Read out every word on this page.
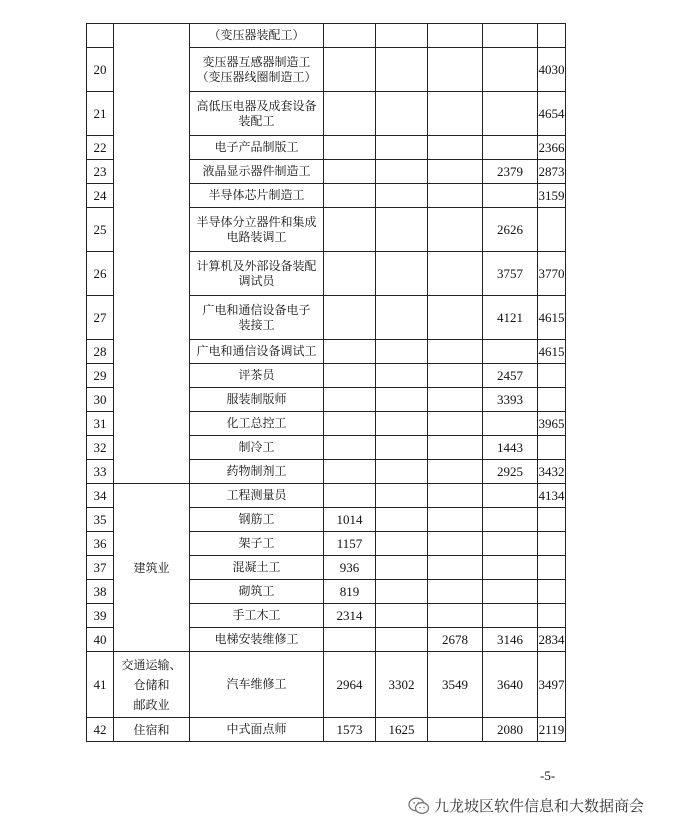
		（变压器装配工）						
20		变压器互感器制造工
（变压器线圈制造工）					4030	
21		高低压电器及成套设备
装配工					4654	
22		电子产品制版工					2366	
23		液晶显示器件制造工				2379	2873	
24		半导体芯片制造工					3159	
25		半导体分立器件和集成
电路装调工				2626		
26		计算机及外部设备装配
调试员				3757	3770	
27		广电和通信设备电子
装接工				4121	4615	
28		广电和通信设备调试工					4615	
29		评茶员				2457		
30		服装制版师				3393		
31		化工总控工					3965	
32		制冷工				1443		
33		药物制剂工				2925	3432	
34	建筑业	工程测量员					4134	
35		钢筋工	1014					
36		架子工	1157					
37		混凝土工	936					
38		砌筑工	819					
39		手工木工	2314					
40		电梯安装维修工			2678	3146	2834	
41	交通运输、
仓储和
邮政业	汽车维修工	2964	3302	3549	3640	3497	
42	住宿和	中式面点师	1573	1625		2080	2119	
-5-
九龙坡区软件信息和大数据商会
